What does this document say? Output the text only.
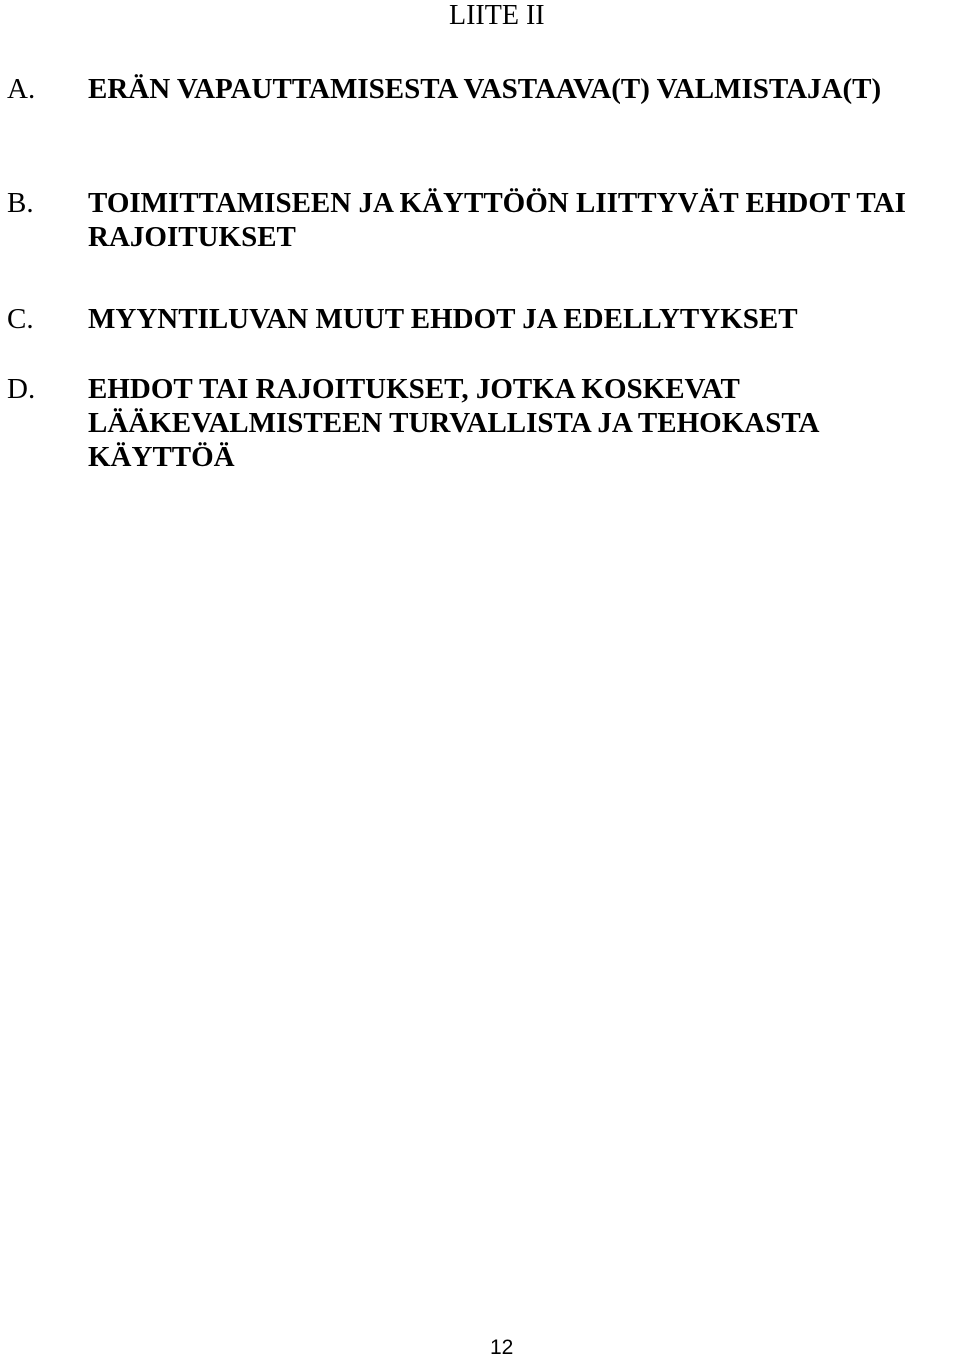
LIITE II
A. ERÄN VAPAUTTAMISESTA VASTAAVA(T) VALMISTAJA(T)
B. TOIMITTAMISEEN JA KÄYTTÖÖN LIITTYVÄT EHDOT TAI RAJOITUKSET
C. MYYNTILUVAN MUUT EHDOT JA EDELLYTYKSET
D. EHDOT TAI RAJOITUKSET, JOTKA KOSKEVAT LÄÄKEVALMISTEEN TURVALLISTA JA TEHOKASTA KÄYTTÖÄ
12
